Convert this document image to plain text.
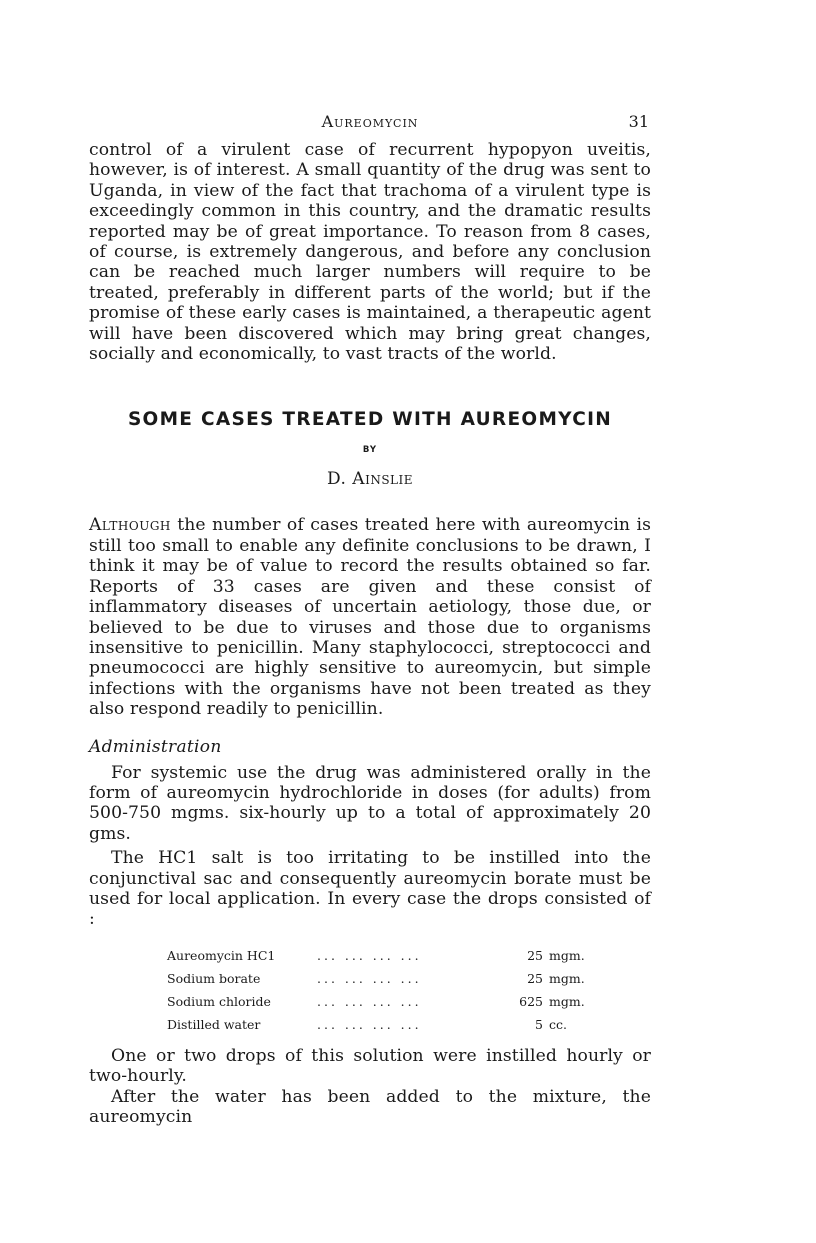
Aureomycin	31

control of a virulent case of recurrent hypopyon uveitis, however, is of interest. A small quantity of the drug was sent to Uganda, in view of the fact that trachoma of a virulent type is exceedingly common in this country, and the dramatic results reported may be of great importance. To reason from 8 cases, of course, is extremely dangerous, and before any conclusion can be reached much larger numbers will require to be treated, preferably in different parts of the world; but if the promise of these early cases is maintained, a therapeutic agent will have been discovered which may bring great changes, socially and economically, to vast tracts of the world.

SOME CASES TREATED WITH AUREOMYCIN
BY
D. Ainslie

Although the number of cases treated here with aureomycin is still too small to enable any definite conclusions to be drawn, I think it may be of value to record the results obtained so far. Reports of 33 cases are given and these consist of inflammatory diseases of uncertain aetiology, those due, or believed to be due to viruses and those due to organisms insensitive to penicillin. Many staphylococci, streptococci and pneumococci are highly sensitive to aureomycin, but simple infections with the organisms have not been treated as they also respond readily to penicillin.

Administration

For systemic use the drug was administered orally in the form of aureomycin hydrochloride in doses (for adults) from 500-750 mgms. six-hourly up to a total of approximately 20 gms.

The HC1 salt is too irritating to be instilled into the conjunctival sac and consequently aureomycin borate must be used for local application. In every case the drops consisted of :

Aureomycin HC1	... ... ... ...	25	mgm.
Sodium borate	... ... ... ...	25	mgm.
Sodium chloride	... ... ... ...	625	mgm.
Distilled water	... ... ... ...	5	cc.

One or two drops of this solution were instilled hourly or two-hourly.

After the water has been added to the mixture, the aureomycin
